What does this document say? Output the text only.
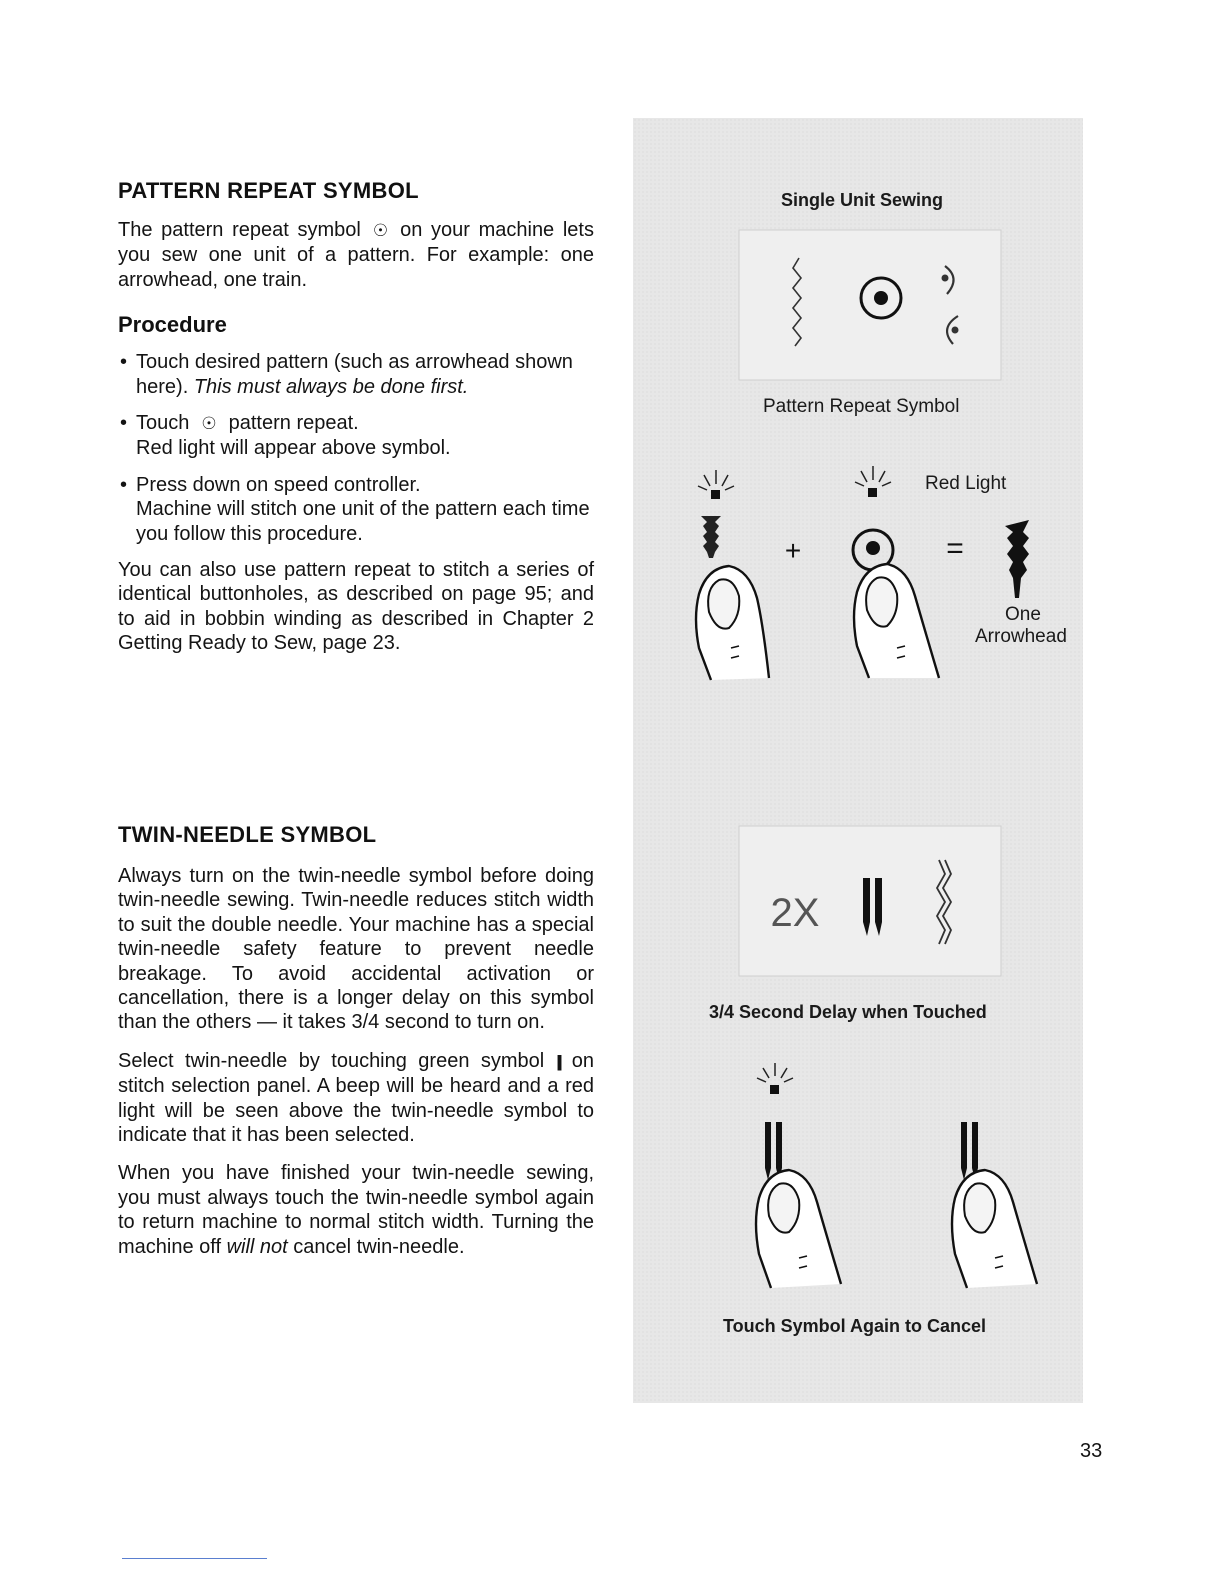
PATTERN REPEAT SYMBOL

The pattern repeat symbol ☉ on your machine lets you sew one unit of a pattern. For example: one arrowhead, one train.

Procedure
• Touch desired pattern (such as arrowhead shown here). This must always be done first.
• Touch ☉ pattern repeat.
Red light will appear above symbol.
• Press down on speed controller.
Machine will stitch one unit of the pattern each time you follow this procedure.

You can also use pattern repeat to stitch a series of identical buttonholes, as described on page 95; and to aid in bobbin winding as described in Chapter 2 Getting Ready to Sew, page 23.

TWIN-NEEDLE SYMBOL

Always turn on the twin-needle symbol before doing twin-needle sewing. Twin-needle reduces stitch width to suit the double needle. Your machine has a special twin-needle safety feature to prevent needle breakage. To avoid accidental activation or cancellation, there is a longer delay on this symbol than the others — it takes 3/4 second to turn on.

Select twin-needle by touching green symbol || on stitch selection panel. A beep will be heard and a red light will be seen above the twin-needle symbol to indicate that it has been selected.

When you have finished your twin-needle sewing, you must always touch the twin-needle symbol again to return machine to normal stitch width. Turning the machine off will not cancel twin-needle.

Single Unit Sewing
+	=
2X
Pattern Repeat Symbol
Red Light
One
Arrowhead
3/4 Second Delay when Touched
Touch Symbol Again to Cancel
33
